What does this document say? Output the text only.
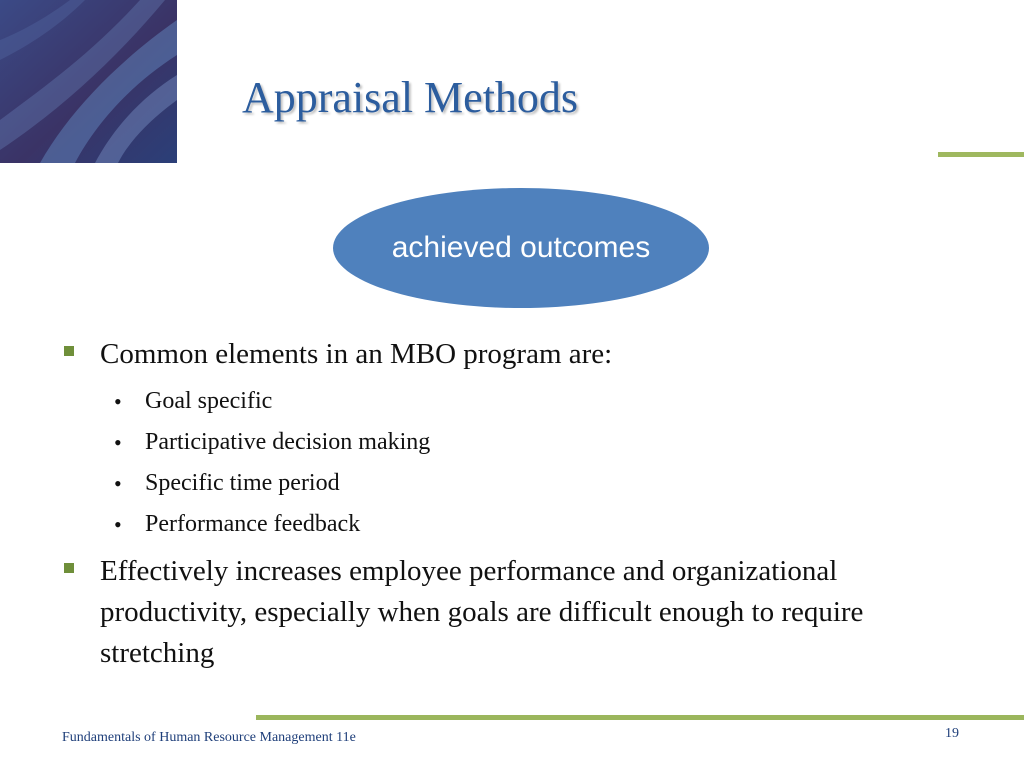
Appraisal Methods
achieved outcomes
Common elements in an MBO program are:
• Goal specific
• Participative decision making
• Specific time period
• Performance feedback
Effectively increases employee performance and organizational productivity, especially when goals are difficult enough to require stretching
Fundamentals of Human Resource Management 11e	19
